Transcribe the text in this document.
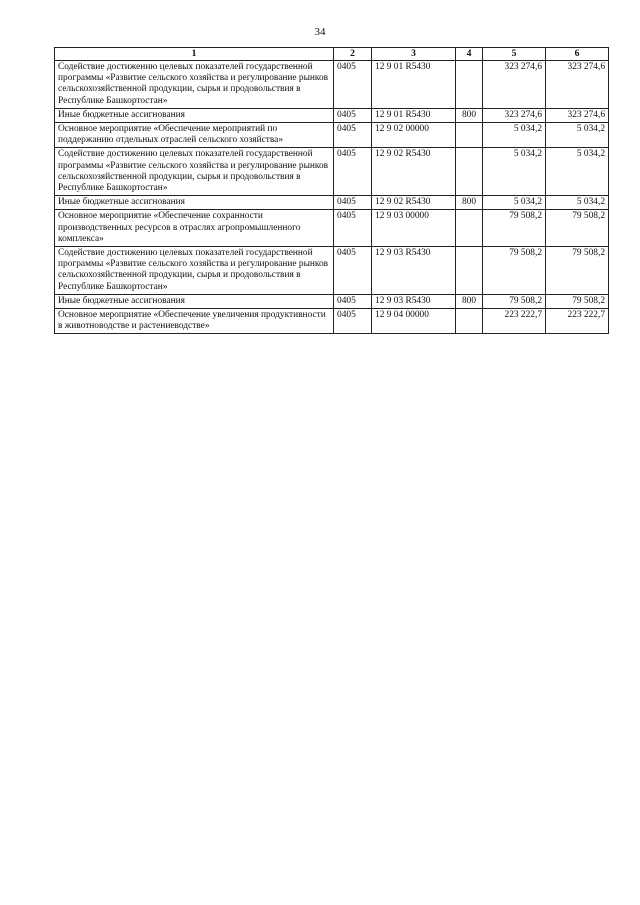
34
1	2	3	4	5	6
Содействие достижению целевых показателей государственной программы «Развитие сельского хозяйства и регулирование рынков сельскохозяйственной продукции, сырья и продовольствия в Республике Башкортостан»	0405	12 9 01 R5430		323 274,6	323 274,6
Иные бюджетные ассигнования	0405	12 9 01 R5430	800	323 274,6	323 274,6
Основное мероприятие «Обеспечение мероприятий по поддержанию отдельных отраслей сельского хозяйства»	0405	12 9 02 00000		5 034,2	5 034,2
Содействие достижению целевых показателей государственной программы «Развитие сельского хозяйства и регулирование рынков сельскохозяйственной продукции, сырья и продовольствия в Республике Башкортостан»	0405	12 9 02 R5430		5 034,2	5 034,2
Иные бюджетные ассигнования	0405	12 9 02 R5430	800	5 034,2	5 034,2
Основное мероприятие «Обеспечение сохранности производственных ресурсов в отраслях агропромышленного комплекса»	0405	12 9 03 00000		79 508,2	79 508,2
Содействие достижению целевых показателей государственной программы «Развитие сельского хозяйства и регулирование рынков сельскохозяйственной продукции, сырья и продовольствия в Республике Башкортостан»	0405	12 9 03 R5430		79 508,2	79 508,2
Иные бюджетные ассигнования	0405	12 9 03 R5430	800	79 508,2	79 508,2
Основное мероприятие «Обеспечение увеличения продуктивности в животноводстве и растениеводстве»	0405	12 9 04 00000		223 222,7	223 222,7
